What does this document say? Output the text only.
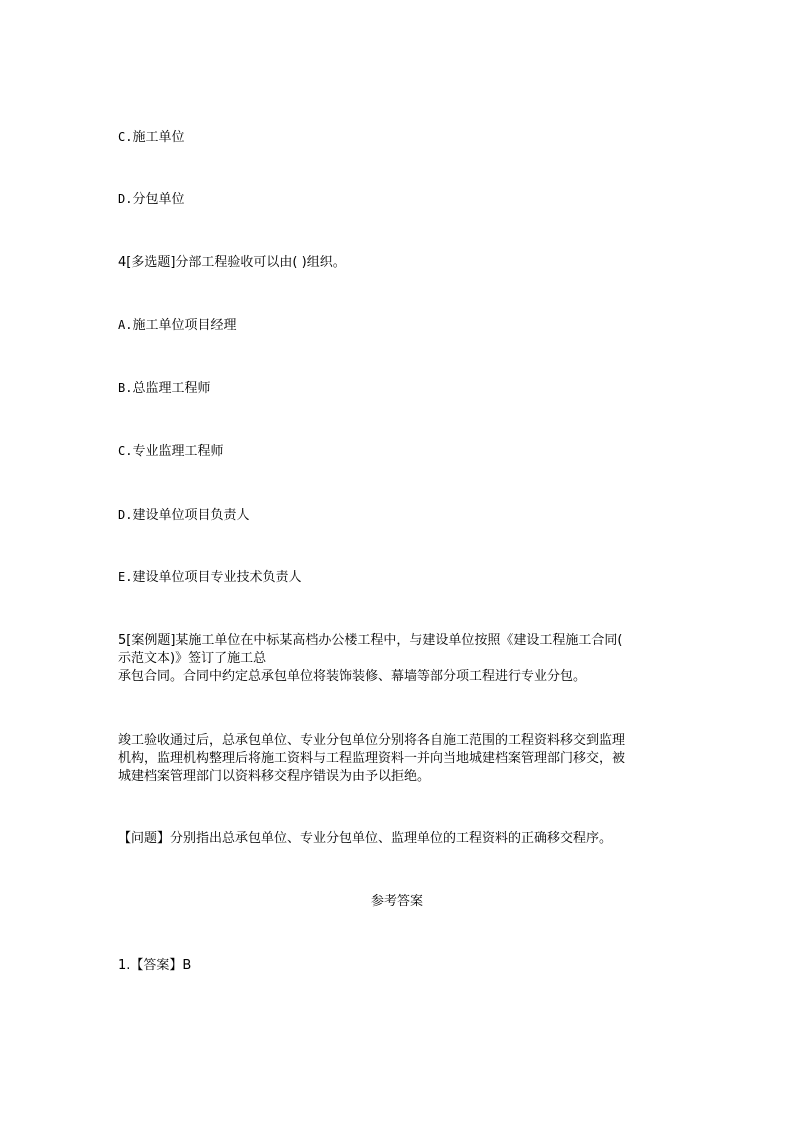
C.施工单位
D.分包单位
4[多选题]分部工程验收可以由( )组织。
A.施工单位项目经理
B.总监理工程师
C.专业监理工程师
D.建设单位项目负责人
E.建设单位项目专业技术负责人
5[案例题]某施工单位在中标某高档办公楼工程中，与建设单位按照《建设工程施工合同(
示范文本)》签订了施工总
承包合同。合同中约定总承包单位将装饰装修、幕墙等部分项工程进行专业分包。
竣工验收通过后，总承包单位、专业分包单位分别将各自施工范围的工程资料移交到监理
机构，监理机构整理后将施工资料与工程监理资料一并向当地城建档案管理部门移交，被
城建档案管理部门以资料移交程序错误为由予以拒绝。
【问题】分别指出总承包单位、专业分包单位、监理单位的工程资料的正确移交程序。
参考答案
1.【答案】B
